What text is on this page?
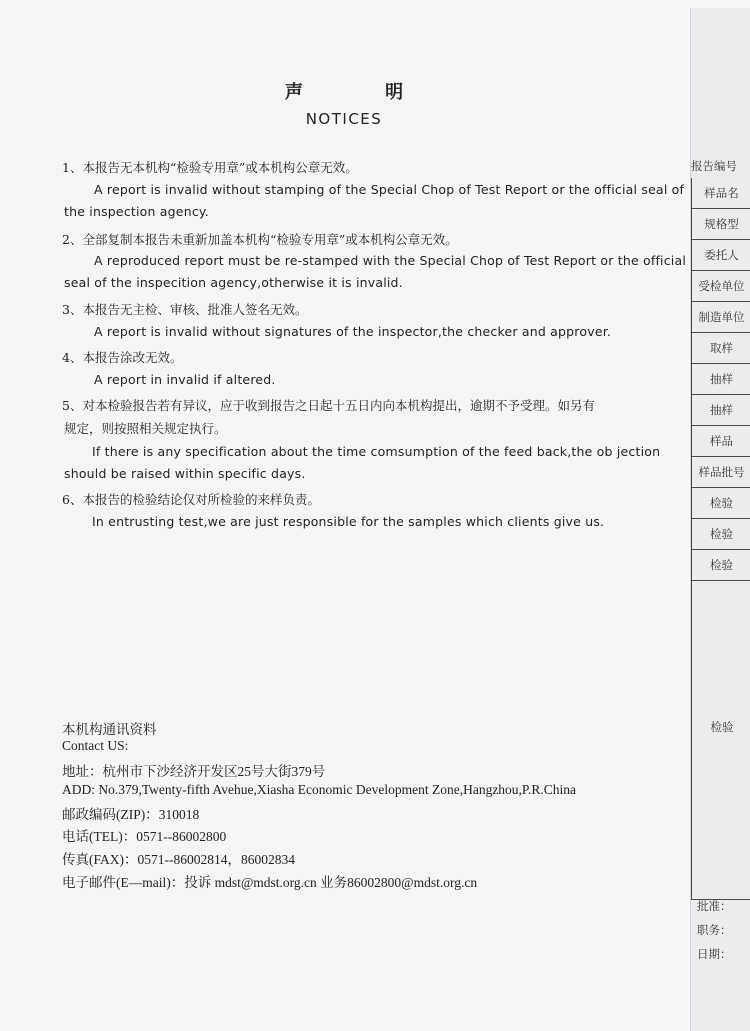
声 明
NOTICES
1、本报告无本机构“检验专用章”或本机构公章无效。
A report is invalid without stamping of the Special Chop of Test Report or the official seal of
the inspection agency.
2、全部复制本报告未重新加盖本机构“检验专用章”或本机构公章无效。
A reproduced report must be re-stamped with the Special Chop of Test Report or the official
seal of the inspecition agency,otherwise it is invalid.
3、本报告无主检、审核、批准人签名无效。
A report is invalid without signatures of the inspector,the checker and approver.
4、本报告涂改无效。
A report in invalid if altered.
5、对本检验报告若有异议，应于收到报告之日起十五日内向本机构提出，逾期不予受理。如另有
规定，则按照相关规定执行。
If there is any specification about the time comsumption of the feed back,the ob jection
should be raised within specific days.
6、本报告的检验结论仅对所检验的来样负责。
In entrusting test,we are just responsible for the samples which clients give us.
本机构通讯资料
Contact US:
地址：杭州市下沙经济开发区25号大街379号
ADD: No.379,Twenty-fifth Avehue,Xiasha Economic Development Zone,Hangzhou,P.R.China
邮政编码(ZIP)：310018
电话(TEL)：0571--86002800
传真(FAX)：0571--86002814，86002834
电子邮件(E—mail)：投诉 mdst@mdst.org.cn 业务86002800@mdst.org.cn
报告编号
样品名
规格型
委托人
受检单位
制造单位
取样
抽样
抽样
样品
样品批号
检验
检验
检验
检验
批准：
职务：
日期：
